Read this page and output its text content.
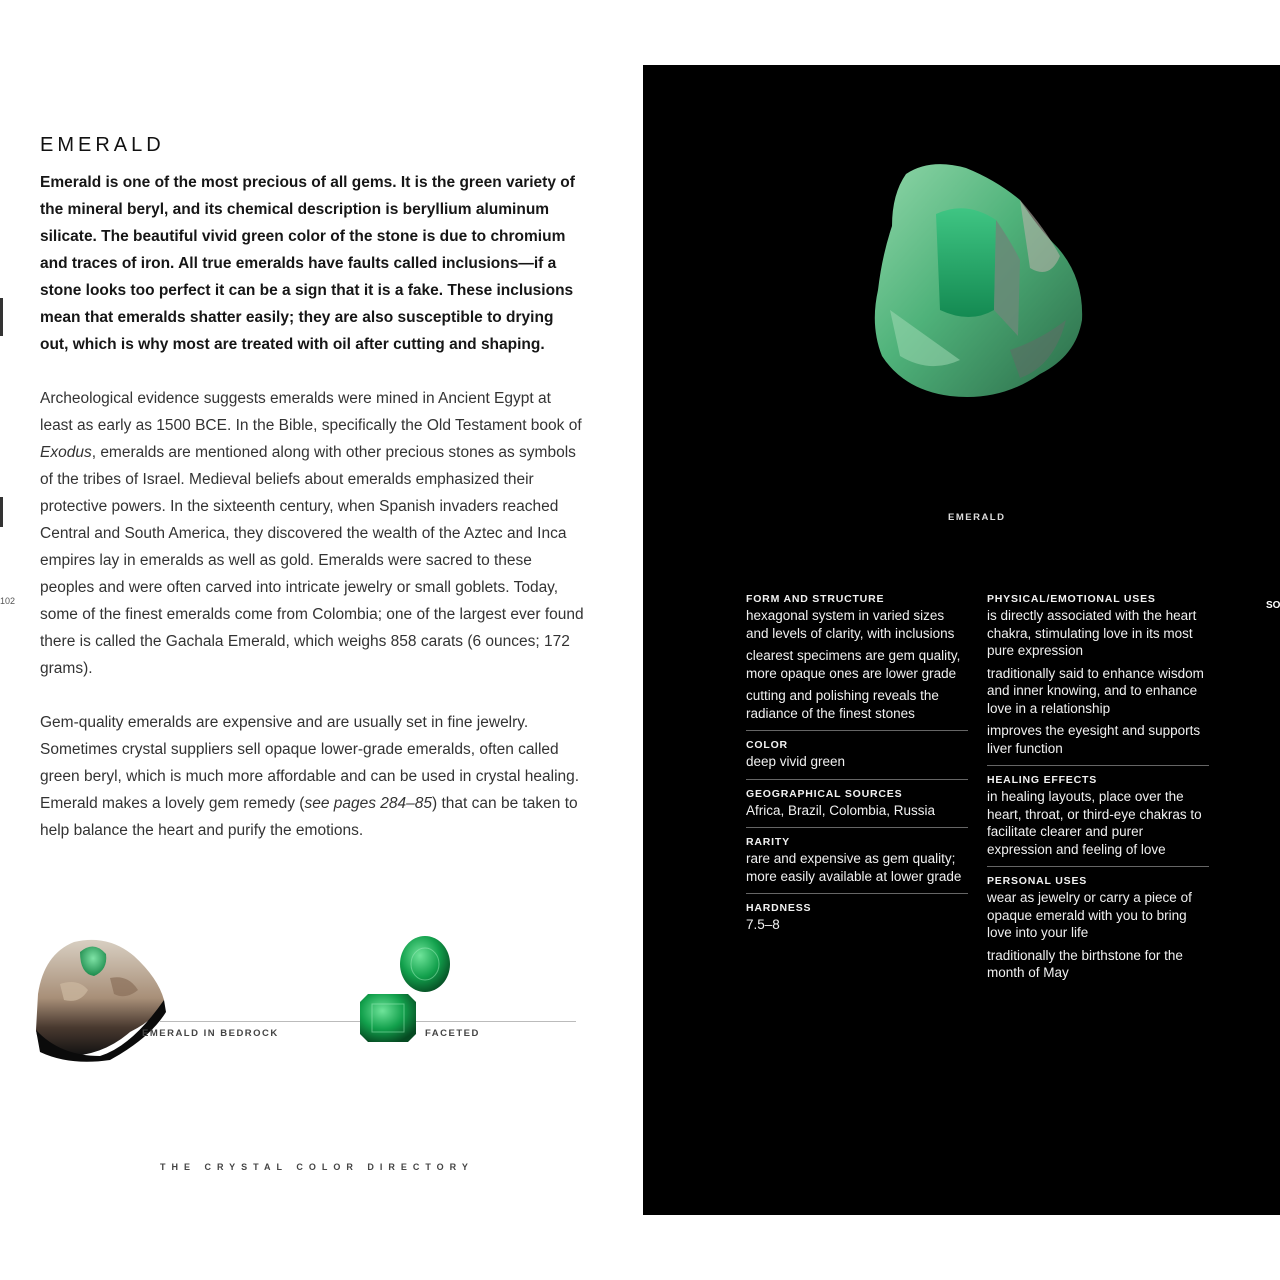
102
EMERALD

Emerald is one of the most precious of all gems. It is the green variety of the mineral beryl, and its chemical description is beryllium aluminum silicate. The beautiful vivid green color of the stone is due to chromium and traces of iron. All true emeralds have faults called inclusions—if a stone looks too perfect it can be a sign that it is a fake. These inclusions mean that emeralds shatter easily; they are also susceptible to drying out, which is why most are treated with oil after cutting and shaping.

Archeological evidence suggests emeralds were mined in Ancient Egypt at least as early as 1500 BCE. In the Bible, specifically the Old Testament book of Exodus, emeralds are mentioned along with other precious stones as symbols of the tribes of Israel. Medieval beliefs about emeralds emphasized their protective powers. In the sixteenth century, when Spanish invaders reached Central and South America, they discovered the wealth of the Aztec and Inca empires lay in emeralds as well as gold. Emeralds were sacred to these peoples and were often carved into intricate jewelry or small goblets. Today, some of the finest emeralds come from Colombia; one of the largest ever found there is called the Gachala Emerald, which weighs 858 carats (6 ounces; 172 grams).

Gem-quality emeralds are expensive and are usually set in fine jewelry. Sometimes crystal suppliers sell opaque lower-grade emeralds, often called green beryl, which is much more affordable and can be used in crystal healing. Emerald makes a lovely gem remedy (see pages 284–85) that can be taken to help balance the heart and purify the emotions.

EMERALD IN BEDROCK	FACETED
THE CRYSTAL COLOR DIRECTORY
EMERALD
FORM AND STRUCTURE
hexagonal system in varied sizes and levels of clarity, with inclusions
clearest specimens are gem quality, more opaque ones are lower grade
cutting and polishing reveals the radiance of the finest stones
COLOR
deep vivid green
GEOGRAPHICAL SOURCES
Africa, Brazil, Colombia, Russia
RARITY
rare and expensive as gem quality; more easily available at lower grade
HARDNESS
7.5–8
PHYSICAL/EMOTIONAL USES
is directly associated with the heart chakra, stimulating love in its most pure expression
traditionally said to enhance wisdom and inner knowing, and to enhance love in a relationship
improves the eyesight and supports liver function
HEALING EFFECTS
in healing layouts, place over the heart, throat, or third-eye chakras to facilitate clearer and purer expression and feeling of love
PERSONAL USES
wear as jewelry or carry a piece of opaque emerald with you to bring love into your life
traditionally the birthstone for the month of May
SO
